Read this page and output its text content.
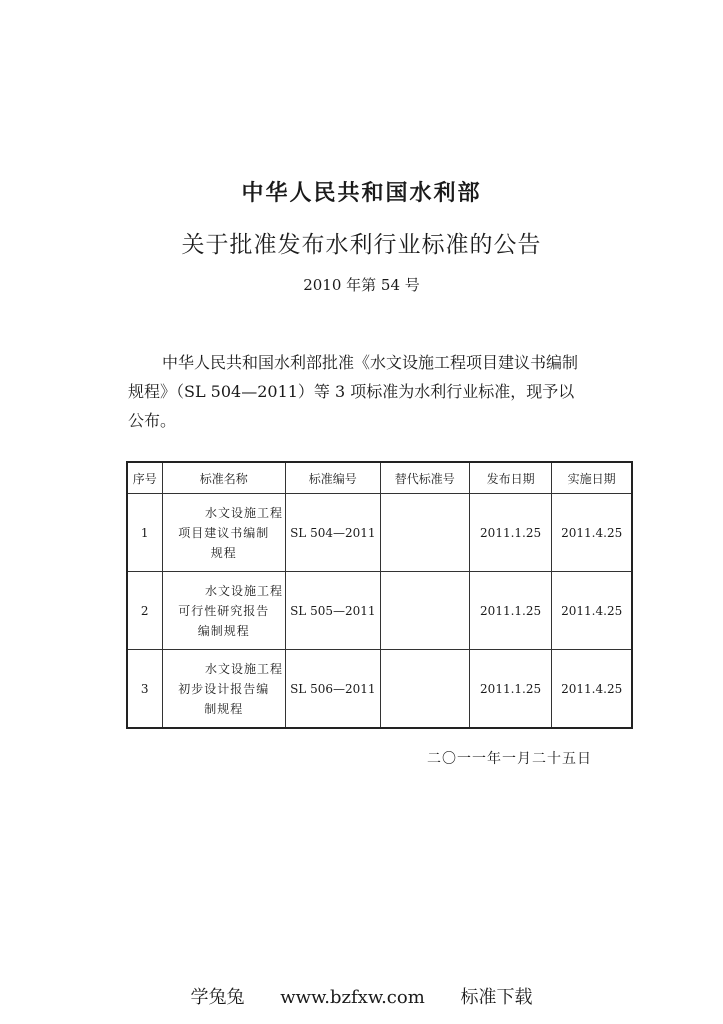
中华人民共和国水利部
关于批准发布水利行业标准的公告
2010 年第 54 号
中华人民共和国水利部批准《水文设施工程项目建议书编制
规程》（SL 504—2011）等 3 项标准为水利行业标准，现予以
公布。
序号	标准名称	标准编号	替代标准号	发布日期	实施日期
1	水文设施工程
项目建议书编制
规程	SL 504—2011		2011.1.25	2011.4.25
2	水文设施工程
可行性研究报告
编制规程	SL 505—2011		2011.1.25	2011.4.25
3	水文设施工程
初步设计报告编
制规程	SL 506—2011		2011.1.25	2011.4.25
二〇一一年一月二十五日
学兔兔 www.bzfxw.com 标准下载
